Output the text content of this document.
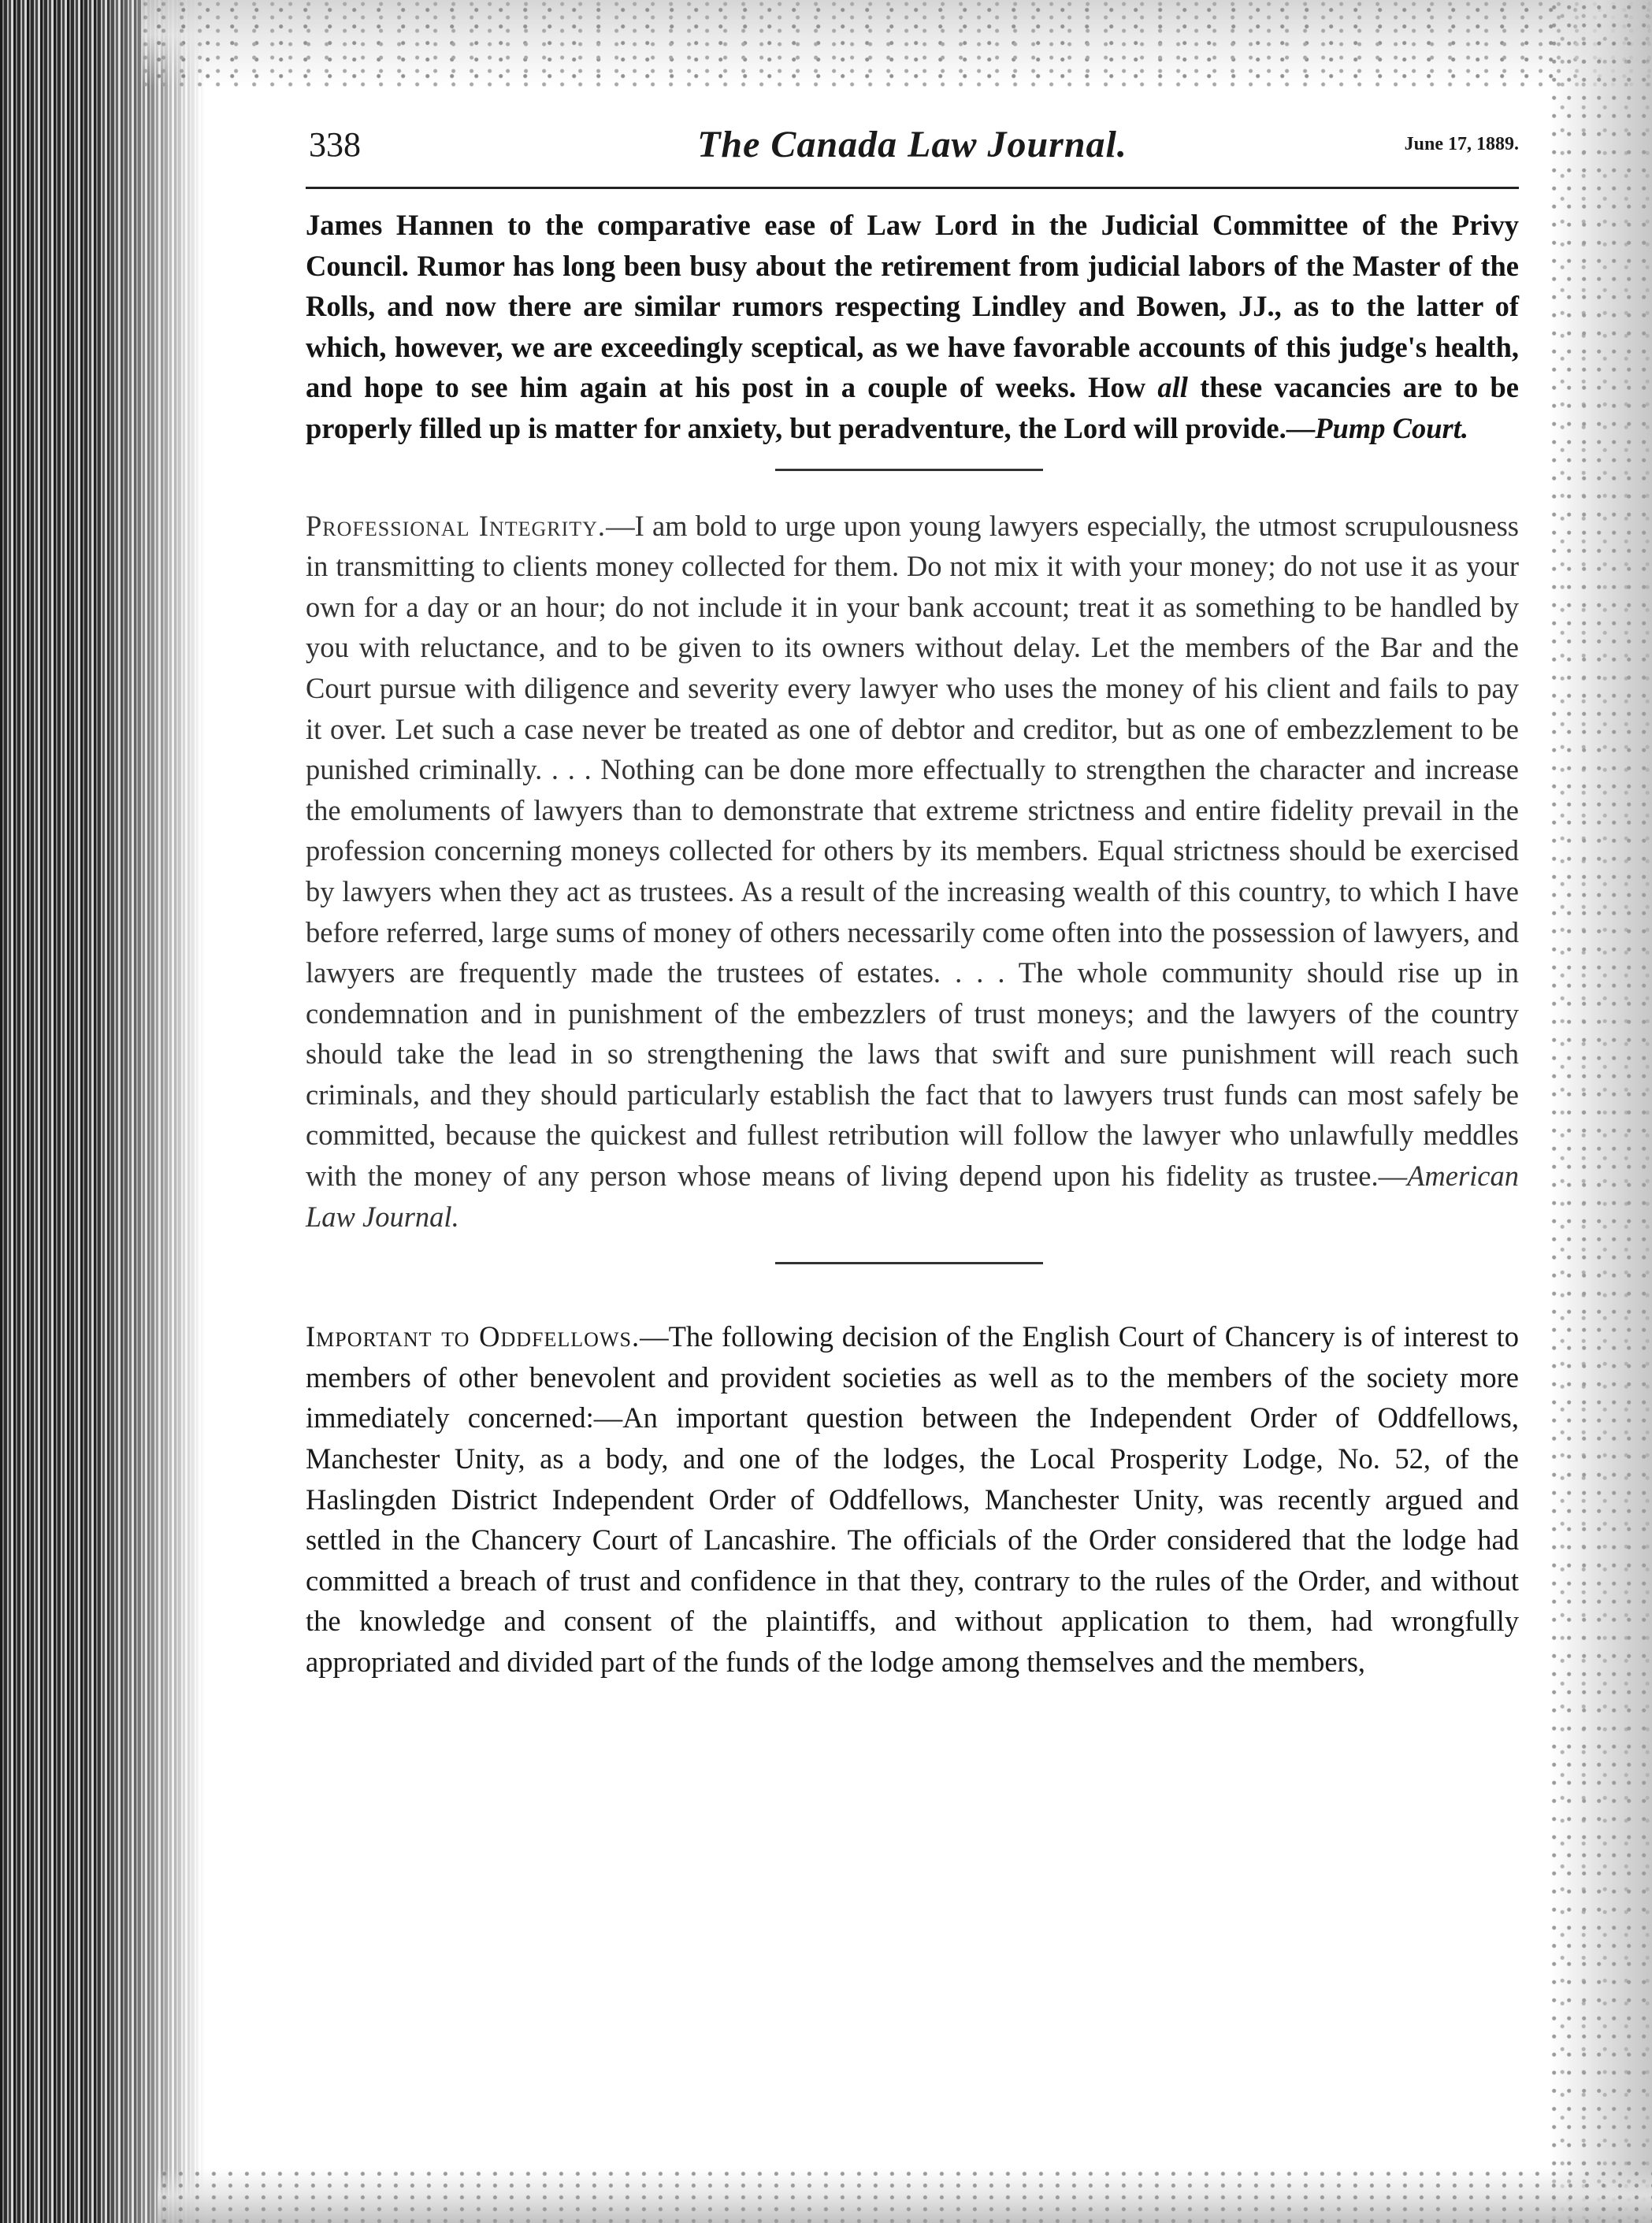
338	The Canada Law Journal.	June 17, 1889.

James Hannen to the comparative ease of Law Lord in the Judicial Committee of the Privy Council. Rumor has long been busy about the retirement from judicial labors of the Master of the Rolls, and now there are similar rumors respecting Lindley and Bowen, JJ., as to the latter of which, however, we are exceedingly sceptical, as we have favorable accounts of this judge's health, and hope to see him again at his post in a couple of weeks. How all these vacancies are to be properly filled up is matter for anxiety, but peradventure, the Lord will provide.—Pump Court.

Professional Integrity.—I am bold to urge upon young lawyers especially, the utmost scrupulousness in transmitting to clients money collected for them. Do not mix it with your money; do not use it as your own for a day or an hour; do not include it in your bank account; treat it as something to be handled by you with reluctance, and to be given to its owners without delay. Let the members of the Bar and the Court pursue with diligence and severity every lawyer who uses the money of his client and fails to pay it over. Let such a case never be treated as one of debtor and creditor, but as one of embezzlement to be punished criminally. . . . Nothing can be done more effectually to strengthen the character and increase the emoluments of lawyers than to demonstrate that extreme strictness and entire fidelity prevail in the profession concerning moneys collected for others by its members. Equal strictness should be exercised by lawyers when they act as trustees. As a result of the increasing wealth of this country, to which I have before referred, large sums of money of others necessarily come often into the possession of lawyers, and lawyers are frequently made the trustees of estates. . . . The whole community should rise up in condemnation and in punishment of the embezzlers of trust moneys; and the lawyers of the country should take the lead in so strengthening the laws that swift and sure punishment will reach such criminals, and they should particularly establish the fact that to lawyers trust funds can most safely be committed, because the quickest and fullest retribution will follow the lawyer who unlawfully meddles with the money of any person whose means of living depend upon his fidelity as trustee.—American Law Journal.

Important to Oddfellows.—The following decision of the English Court of Chancery is of interest to members of other benevolent and provident societies as well as to the members of the society more immediately concerned:—An important question between the Independent Order of Oddfellows, Manchester Unity, as a body, and one of the lodges, the Local Prosperity Lodge, No. 52, of the Haslingden District Independent Order of Oddfellows, Manchester Unity, was recently argued and settled in the Chancery Court of Lancashire. The officials of the Order considered that the lodge had committed a breach of trust and confidence in that they, contrary to the rules of the Order, and without the knowledge and consent of the plaintiffs, and without application to them, had wrongfully appropriated and divided part of the funds of the lodge among themselves and the members,
